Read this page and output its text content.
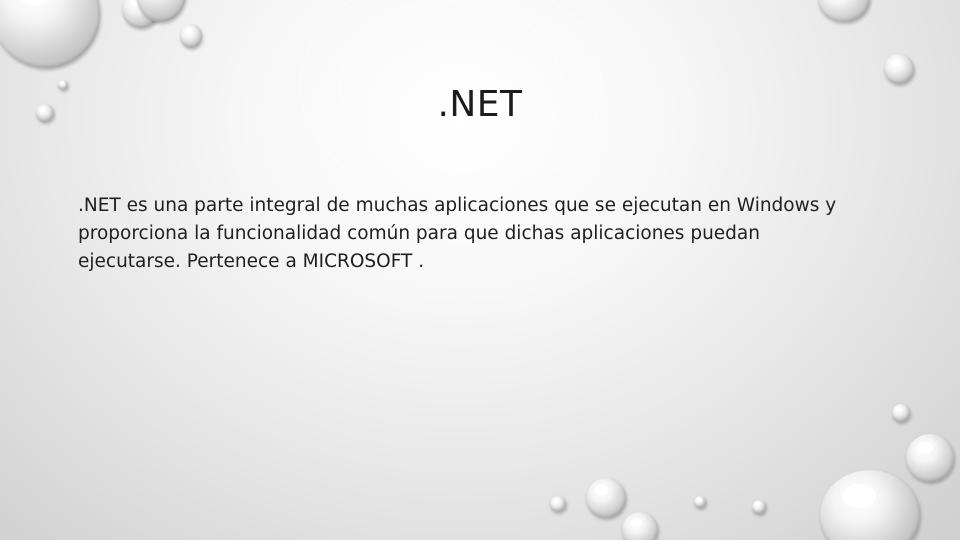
.NET

.NET es una parte integral de muchas aplicaciones que se ejecutan en Windows y
proporciona la funcionalidad común para que dichas aplicaciones puedan
ejecutarse. Pertenece a MICROSOFT .
